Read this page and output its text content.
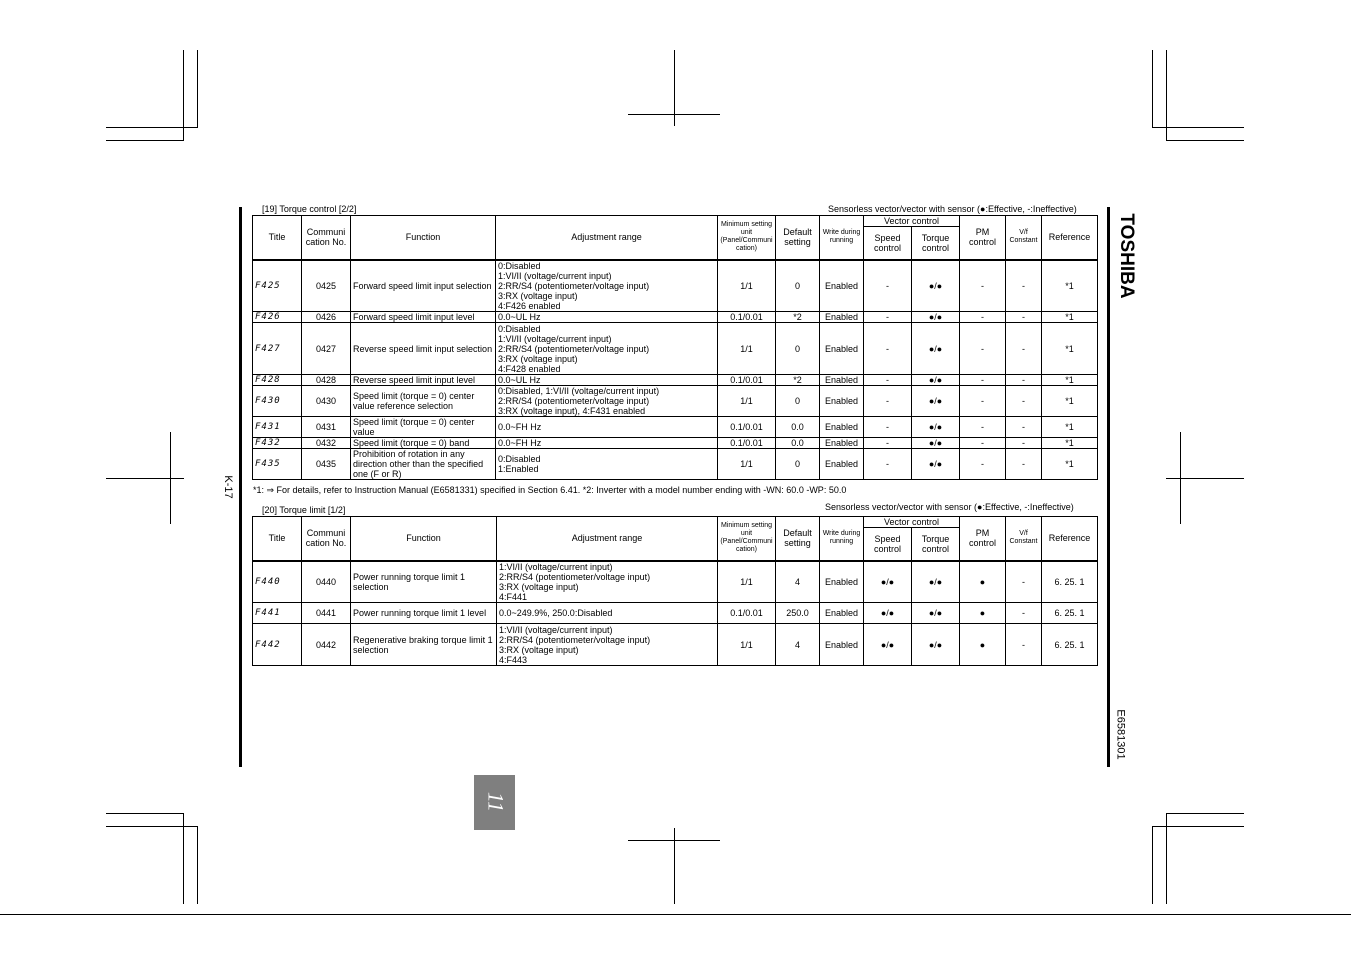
K-17
TOSHIBA
E6581301
11
[19] Torque control [2/2]	Sensorless vector/vector with sensor (●:Effective, -:Ineffective)
Title	Communi cation No.	Function	Adjustment range	Minimum setting unit (Panel/Communi cation)	Default setting	Write during running	Vector control		PM control	V/f Constant	Reference
							Speed control	Torque control			
F425	0425	Forward speed limit input selection	0:Disabled
1:VI/II (voltage/current input)
2:RR/S4 (potentiometer/voltage input)
3:RX (voltage input)
4:F426 enabled	1/1	0	Enabled	-	●/●	-	-	*1
F426	0426	Forward speed limit input level	0.0~UL Hz	0.1/0.01	*2	Enabled	-	●/●	-	-	*1
F427	0427	Reverse speed limit input selection	0:Disabled
1:VI/II (voltage/current input)
2:RR/S4 (potentiometer/voltage input)
3:RX (voltage input)
4:F428 enabled	1/1	0	Enabled	-	●/●	-	-	*1
F428	0428	Reverse speed limit input level	0.0~UL Hz	0.1/0.01	*2	Enabled	-	●/●	-	-	*1
F430	0430	Speed limit (torque = 0) center value reference selection	0:Disabled, 1:VI/II (voltage/current input)
2:RR/S4 (potentiometer/voltage input)
3:RX (voltage input), 4:F431 enabled	1/1	0	Enabled	-	●/●	-	-	*1
F431	0431	Speed limit (torque = 0) center value	0.0~FH Hz	0.1/0.01	0.0	Enabled	-	●/●	-	-	*1
F432	0432	Speed limit (torque = 0) band	0.0~FH Hz	0.1/0.01	0.0	Enabled	-	●/●	-	-	*1
F435	0435	Prohibition of rotation in any direction other than the specified one (F or R)	0:Disabled
1:Enabled	1/1	0	Enabled	-	●/●	-	-	*1
*1: ⇒ For details, refer to Instruction Manual (E6581331) specified in Section 6.41. *2: Inverter with a model number ending with -WN: 60.0 -WP: 50.0
[20] Torque limit [1/2]	Sensorless vector/vector with sensor (●:Effective, -:Ineffective)
Title	Communi cation No.	Function	Adjustment range	Minimum setting unit (Panel/Communi cation)	Default setting	Write during running	Vector control		PM control	V/f Constant	Reference
							Speed control	Torque control			
F440	0440	Power running torque limit 1 selection	1:VI/II (voltage/current input)
2:RR/S4 (potentiometer/voltage input)
3:RX (voltage input)
4:F441	1/1	4	Enabled	●/●	●/●	●	-	6. 25. 1
F441	0441	Power running torque limit 1 level	0.0~249.9%, 250.0:Disabled	0.1/0.01	250.0	Enabled	●/●	●/●	●	-	6. 25. 1
F442	0442	Regenerative braking torque limit 1 selection	1:VI/II (voltage/current input)
2:RR/S4 (potentiometer/voltage input)
3:RX (voltage input)
4:F443	1/1	4	Enabled	●/●	●/●	●	-	6. 25. 1
